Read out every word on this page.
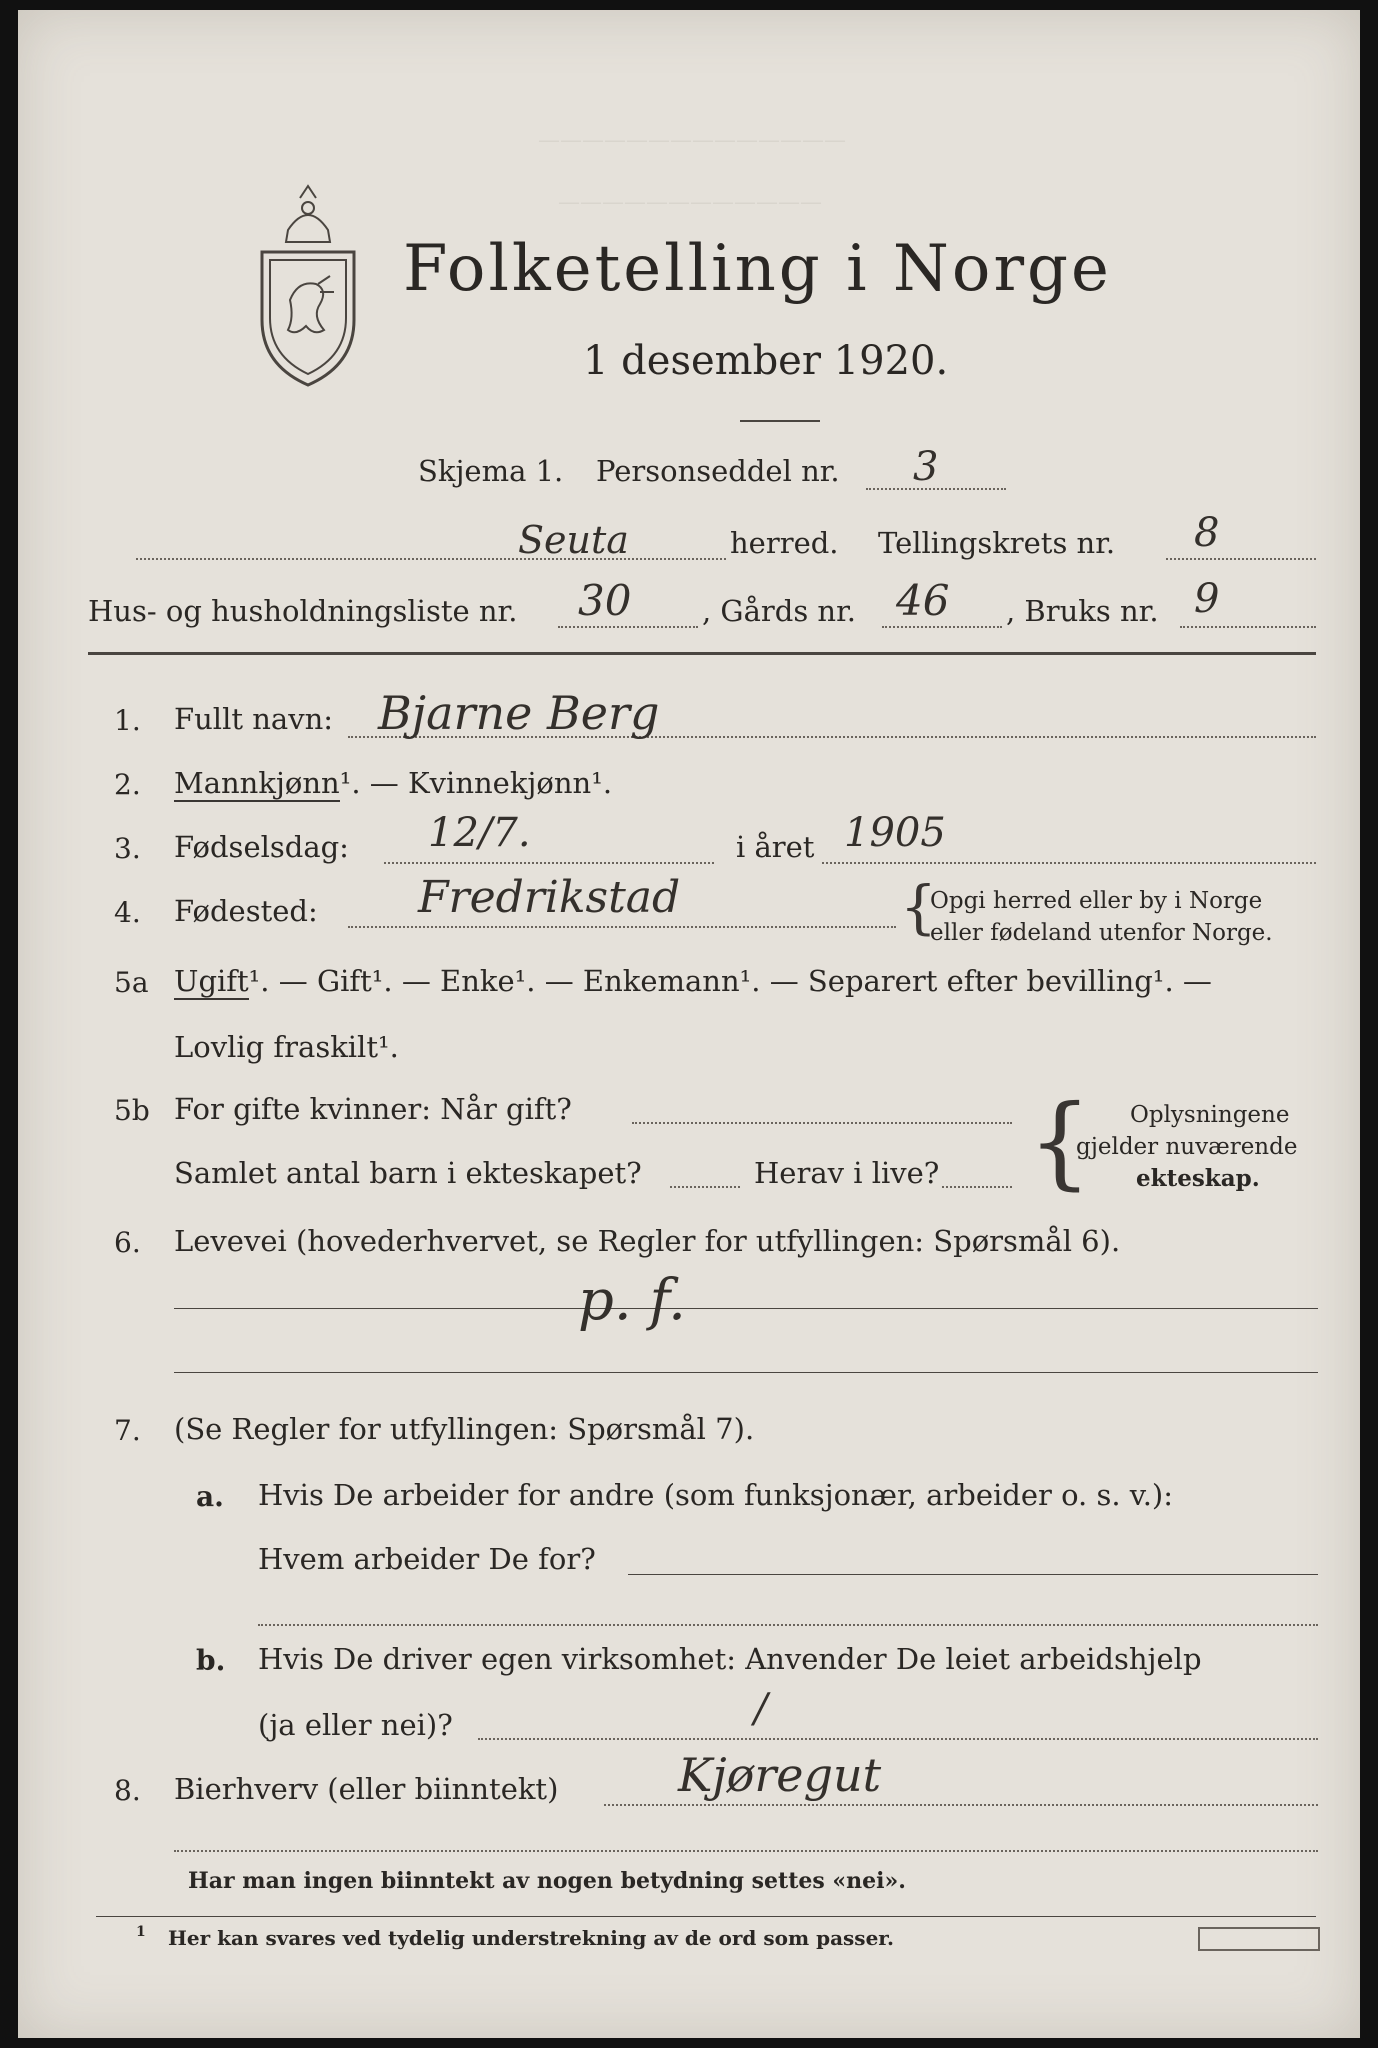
——————————————
————————————
Folketelling i Norge
1 desember 1920.
Skjema 1. Personseddel nr. 3
Seuta	herred. Tellingskrets nr. 8
Hus- og husholdningsliste nr. 30 , Gårds nr. 46 , Bruks nr. 9
1. Fullt navn: Bjarne Berg
2. Mannkjønn¹. — Kvinnekjønn¹.
3. Fødselsdag: 12/7.	i året 1905
4. Fødested: Fredrikstad	{
Opgi herred eller by i Norge
eller fødeland utenfor Norge.
5a Ugift¹. — Gift¹. — Enke¹. — Enkemann¹. — Separert efter bevilling¹. —
Lovlig fraskilt¹.
5b For gifte kvinner: Når gift?
Samlet antal barn i ekteskapet?	Herav i live? { Oplysningene
gjelder nuværende
ekteskap.
6. Levevei (hovederhvervet, se Regler for utfyllingen: Spørsmål 6).
p. f.
7. (Se Regler for utfyllingen: Spørsmål 7).
a. Hvis De arbeider for andre (som funksjonær, arbeider o. s. v.):
Hvem arbeider De for?
b. Hvis De driver egen virksomhet: Anvender De leiet arbeidshjelp
(ja eller nei)?	/
8. Bierhverv (eller biinntekt)	Kjøregut
Har man ingen biinntekt av nogen betydning settes «nei».
1 Her kan svares ved tydelig understrekning av de ord som passer.
